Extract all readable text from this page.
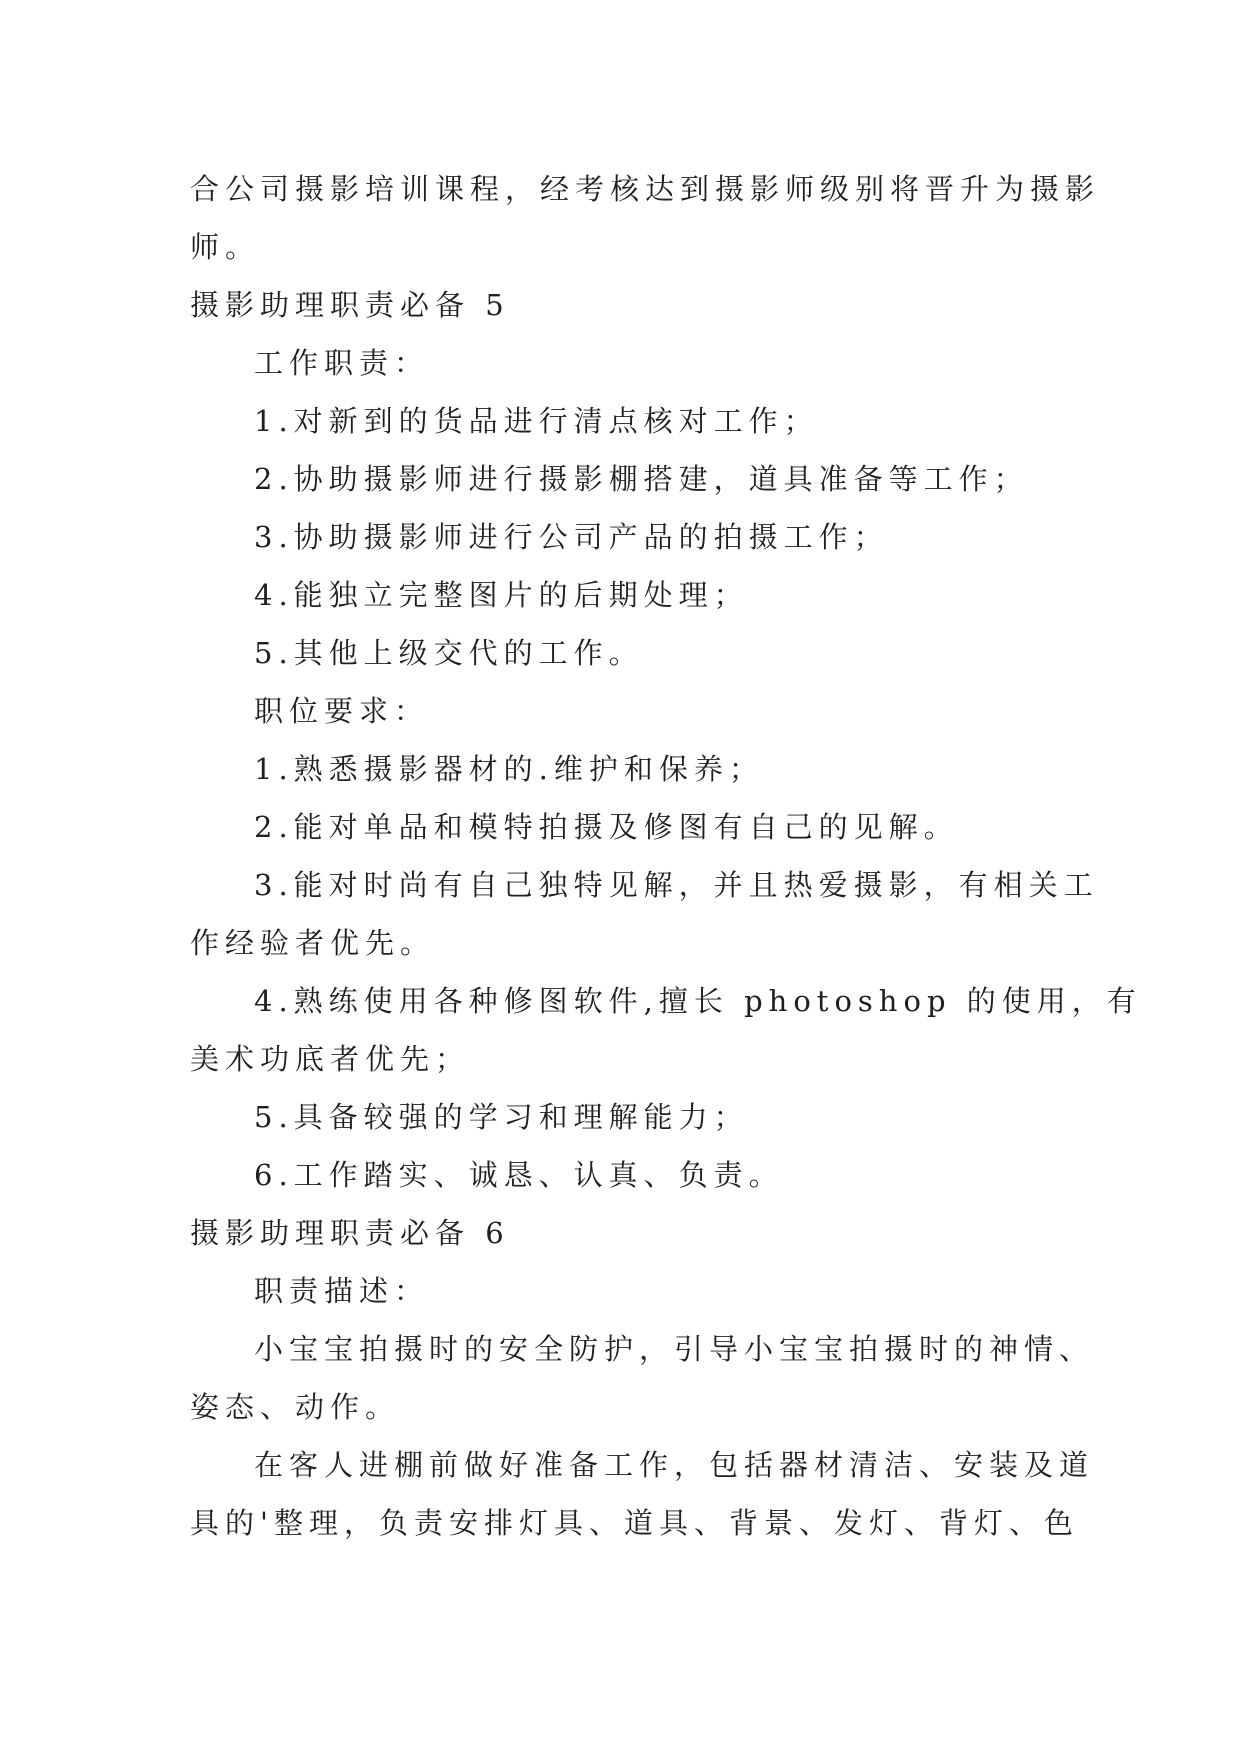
合公司摄影培训课程，经考核达到摄影师级别将晋升为摄影
师。
摄影助理职责必备 5
工作职责：
1.对新到的货品进行清点核对工作；
2.协助摄影师进行摄影棚搭建，道具准备等工作；
3.协助摄影师进行公司产品的拍摄工作；
4.能独立完整图片的后期处理；
5.其他上级交代的工作。
职位要求：
1.熟悉摄影器材的.维护和保养；
2.能对单品和模特拍摄及修图有自己的见解。
3.能对时尚有自己独特见解，并且热爱摄影，有相关工
作经验者优先。
4.熟练使用各种修图软件,擅长 photoshop 的使用，有
美术功底者优先；
5.具备较强的学习和理解能力；
6.工作踏实、诚恳、认真、负责。
摄影助理职责必备 6
职责描述：
小宝宝拍摄时的安全防护，引导小宝宝拍摄时的神情、
姿态、动作。
在客人进棚前做好准备工作，包括器材清洁、安装及道
具的'整理，负责安排灯具、道具、背景、发灯、背灯、色
